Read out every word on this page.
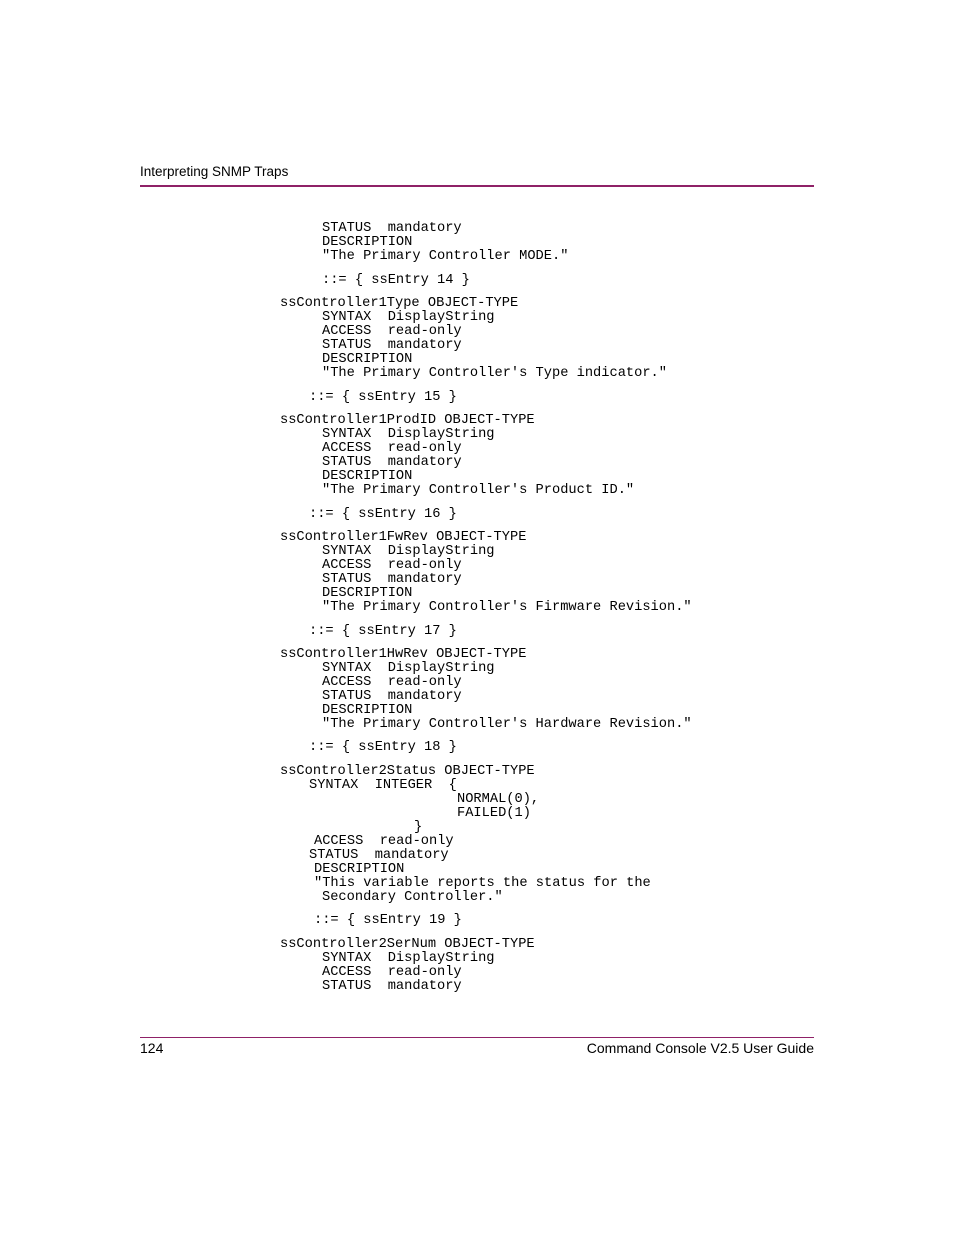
Interpreting SNMP Traps
STATUS  mandatory
DESCRIPTION
"The Primary Controller MODE."
::= { ssEntry 14 }
ssController1Type OBJECT-TYPE
SYNTAX  DisplayString
ACCESS  read-only
STATUS  mandatory
DESCRIPTION
"The Primary Controller's Type indicator."
::= { ssEntry 15 }
ssController1ProdID OBJECT-TYPE
SYNTAX  DisplayString
ACCESS  read-only
STATUS  mandatory
DESCRIPTION
"The Primary Controller's Product ID."
::= { ssEntry 16 }
ssController1FwRev OBJECT-TYPE
SYNTAX  DisplayString
ACCESS  read-only
STATUS  mandatory
DESCRIPTION
"The Primary Controller's Firmware Revision."
::= { ssEntry 17 }
ssController1HwRev OBJECT-TYPE
SYNTAX  DisplayString
ACCESS  read-only
STATUS  mandatory
DESCRIPTION
"The Primary Controller's Hardware Revision."
::= { ssEntry 18 }
ssController2Status OBJECT-TYPE
SYNTAX  INTEGER  {
NORMAL(0),
FAILED(1)
}
ACCESS  read-only
STATUS  mandatory
DESCRIPTION
"This variable reports the status for the
Secondary Controller."
::= { ssEntry 19 }
ssController2SerNum OBJECT-TYPE
SYNTAX  DisplayString
ACCESS  read-only
STATUS  mandatory
124	Command Console V2.5 User Guide
